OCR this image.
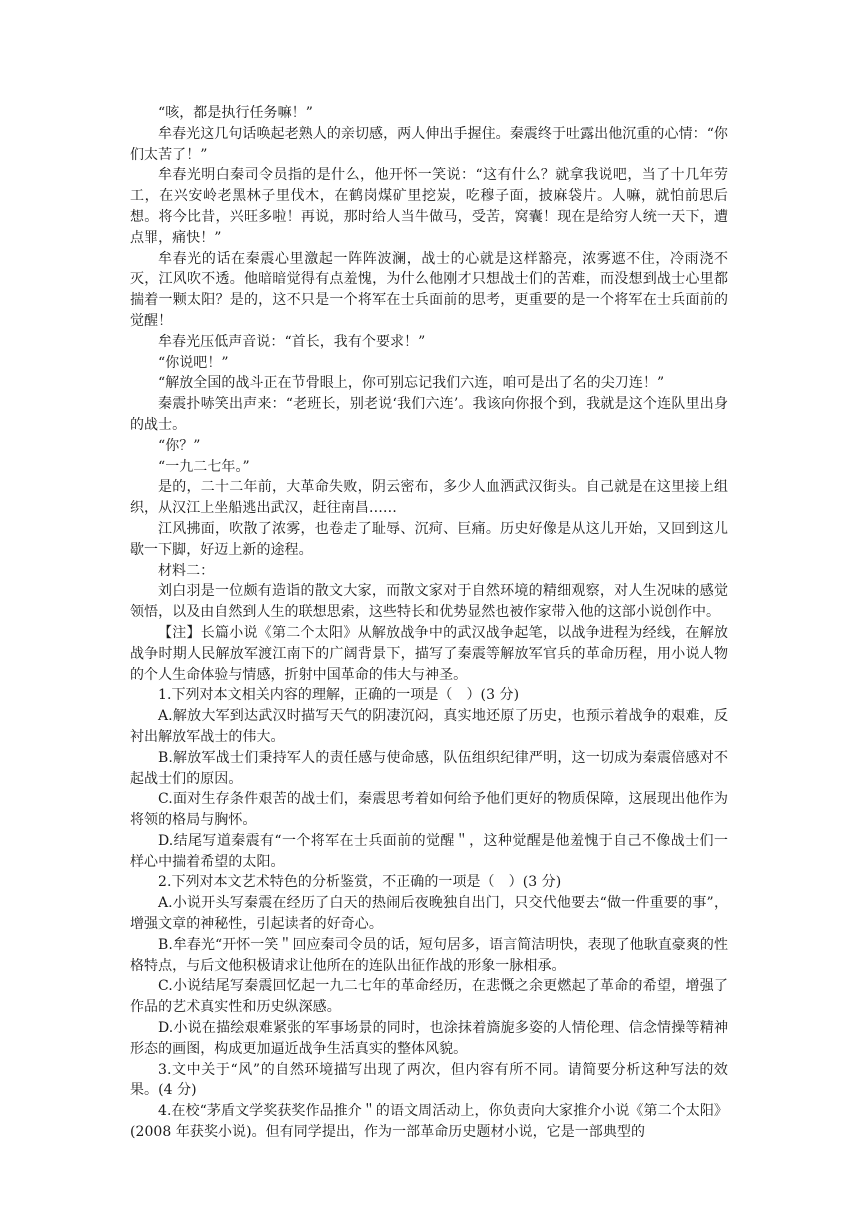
“咳，都是执行任务嘛！”

牟春光这几句话唤起老熟人的亲切感，两人伸出手握住。秦震终于吐露出他沉重的心情：“你们太苦了！”

牟春光明白秦司令员指的是什么，他开怀一笑说：“这有什么？就拿我说吧，当了十几年劳工，在兴安岭老黑林子里伐木，在鹤岗煤矿里挖炭，吃穆子面，披麻袋片。人嘛，就怕前思后想。将今比昔，兴旺多啦！再说，那时给人当牛做马，受苦，窝囊！现在是给穷人统一天下，遭点罪，痛快！”

牟春光的话在秦震心里激起一阵阵波澜，战士的心就是这样豁亮，浓雾遮不住，冷雨浇不灭，江风吹不透。他暗暗觉得有点羞愧，为什么他刚才只想战士们的苦难，而没想到战士心里都揣着一颗太阳？是的，这不只是一个将军在士兵面前的思考，更重要的是一个将军在士兵面前的觉醒！

牟春光压低声音说：“首长，我有个要求！”

“你说吧！”

“解放全国的战斗正在节骨眼上，你可别忘记我们六连，咱可是出了名的尖刀连！”

秦震扑哧笑出声来：“老班长，别老说‘我们六连’。我该向你报个到，我就是这个连队里出身的战士。

“你？”

“一九二七年。”

是的，二十二年前，大革命失败，阴云密布，多少人血洒武汉街头。自己就是在这里接上组织，从汉江上坐船逃出武汉，赶往南昌……

江风拂面，吹散了浓雾，也卷走了耻辱、沉疴、巨痛。历史好像是从这儿开始，又回到这儿歇一下脚，好迈上新的途程。

材料二：

刘白羽是一位颇有造诣的散文大家，而散文家对于自然环境的精细观察，对人生况味的感觉领悟，以及由自然到人生的联想思索，这些特长和优势显然也被作家带入他的这部小说创作中。

【注】长篇小说《第二个太阳》从解放战争中的武汉战争起笔，以战争进程为经线，在解放战争时期人民解放军渡江南下的广阔背景下，描写了秦震等解放军官兵的革命历程，用小说人物的个人生命体验与情感，折射中国革命的伟大与神圣。

1.下列对本文相关内容的理解，正确的一项是（　）(3 分)

A.解放大军到达武汉时描写天气的阴凄沉闷，真实地还原了历史，也预示着战争的艰难，反衬出解放军战士的伟大。

B.解放军战士们秉持军人的责任感与使命感，队伍组织纪律严明，这一切成为秦震倍感对不起战士们的原因。

C.面对生存条件艰苦的战士们，秦震思考着如何给予他们更好的物质保障，这展现出他作为将领的格局与胸怀。

D.结尾写道秦震有“一个将军在士兵面前的觉醒＂，这种觉醒是他羞愧于自己不像战士们一样心中揣着希望的太阳。

2.下列对本文艺术特色的分析鉴赏，不正确的一项是（　）(3 分)

A.小说开头写秦震在经历了白天的热闹后夜晚独自出门，只交代他要去“做一件重要的事”，增强文章的神秘性，引起读者的好奇心。

B.牟春光“开怀一笑＂回应秦司令员的话，短句居多，语言简洁明快，表现了他耿直豪爽的性格特点，与后文他积极请求让他所在的连队出征作战的形象一脉相承。

C.小说结尾写秦震回忆起一九二七年的革命经历，在悲慨之余更燃起了革命的希望，增强了作品的艺术真实性和历史纵深感。

D.小说在描绘艰难紧张的军事场景的同时，也涂抹着旖旎多姿的人情伦理、信念情操等精神形态的画图，构成更加逼近战争生活真实的整体风貌。

3.文中关于“风”的自然环境描写出现了两次，但内容有所不同。请简要分析这种写法的效果。(4 分)

4.在校“茅盾文学奖获奖作品推介＂的语文周活动上，你负责向大家推介小说《第二个太阳》(2008 年获奖小说)。但有同学提出，作为一部革命历史题材小说，它是一部典型的
